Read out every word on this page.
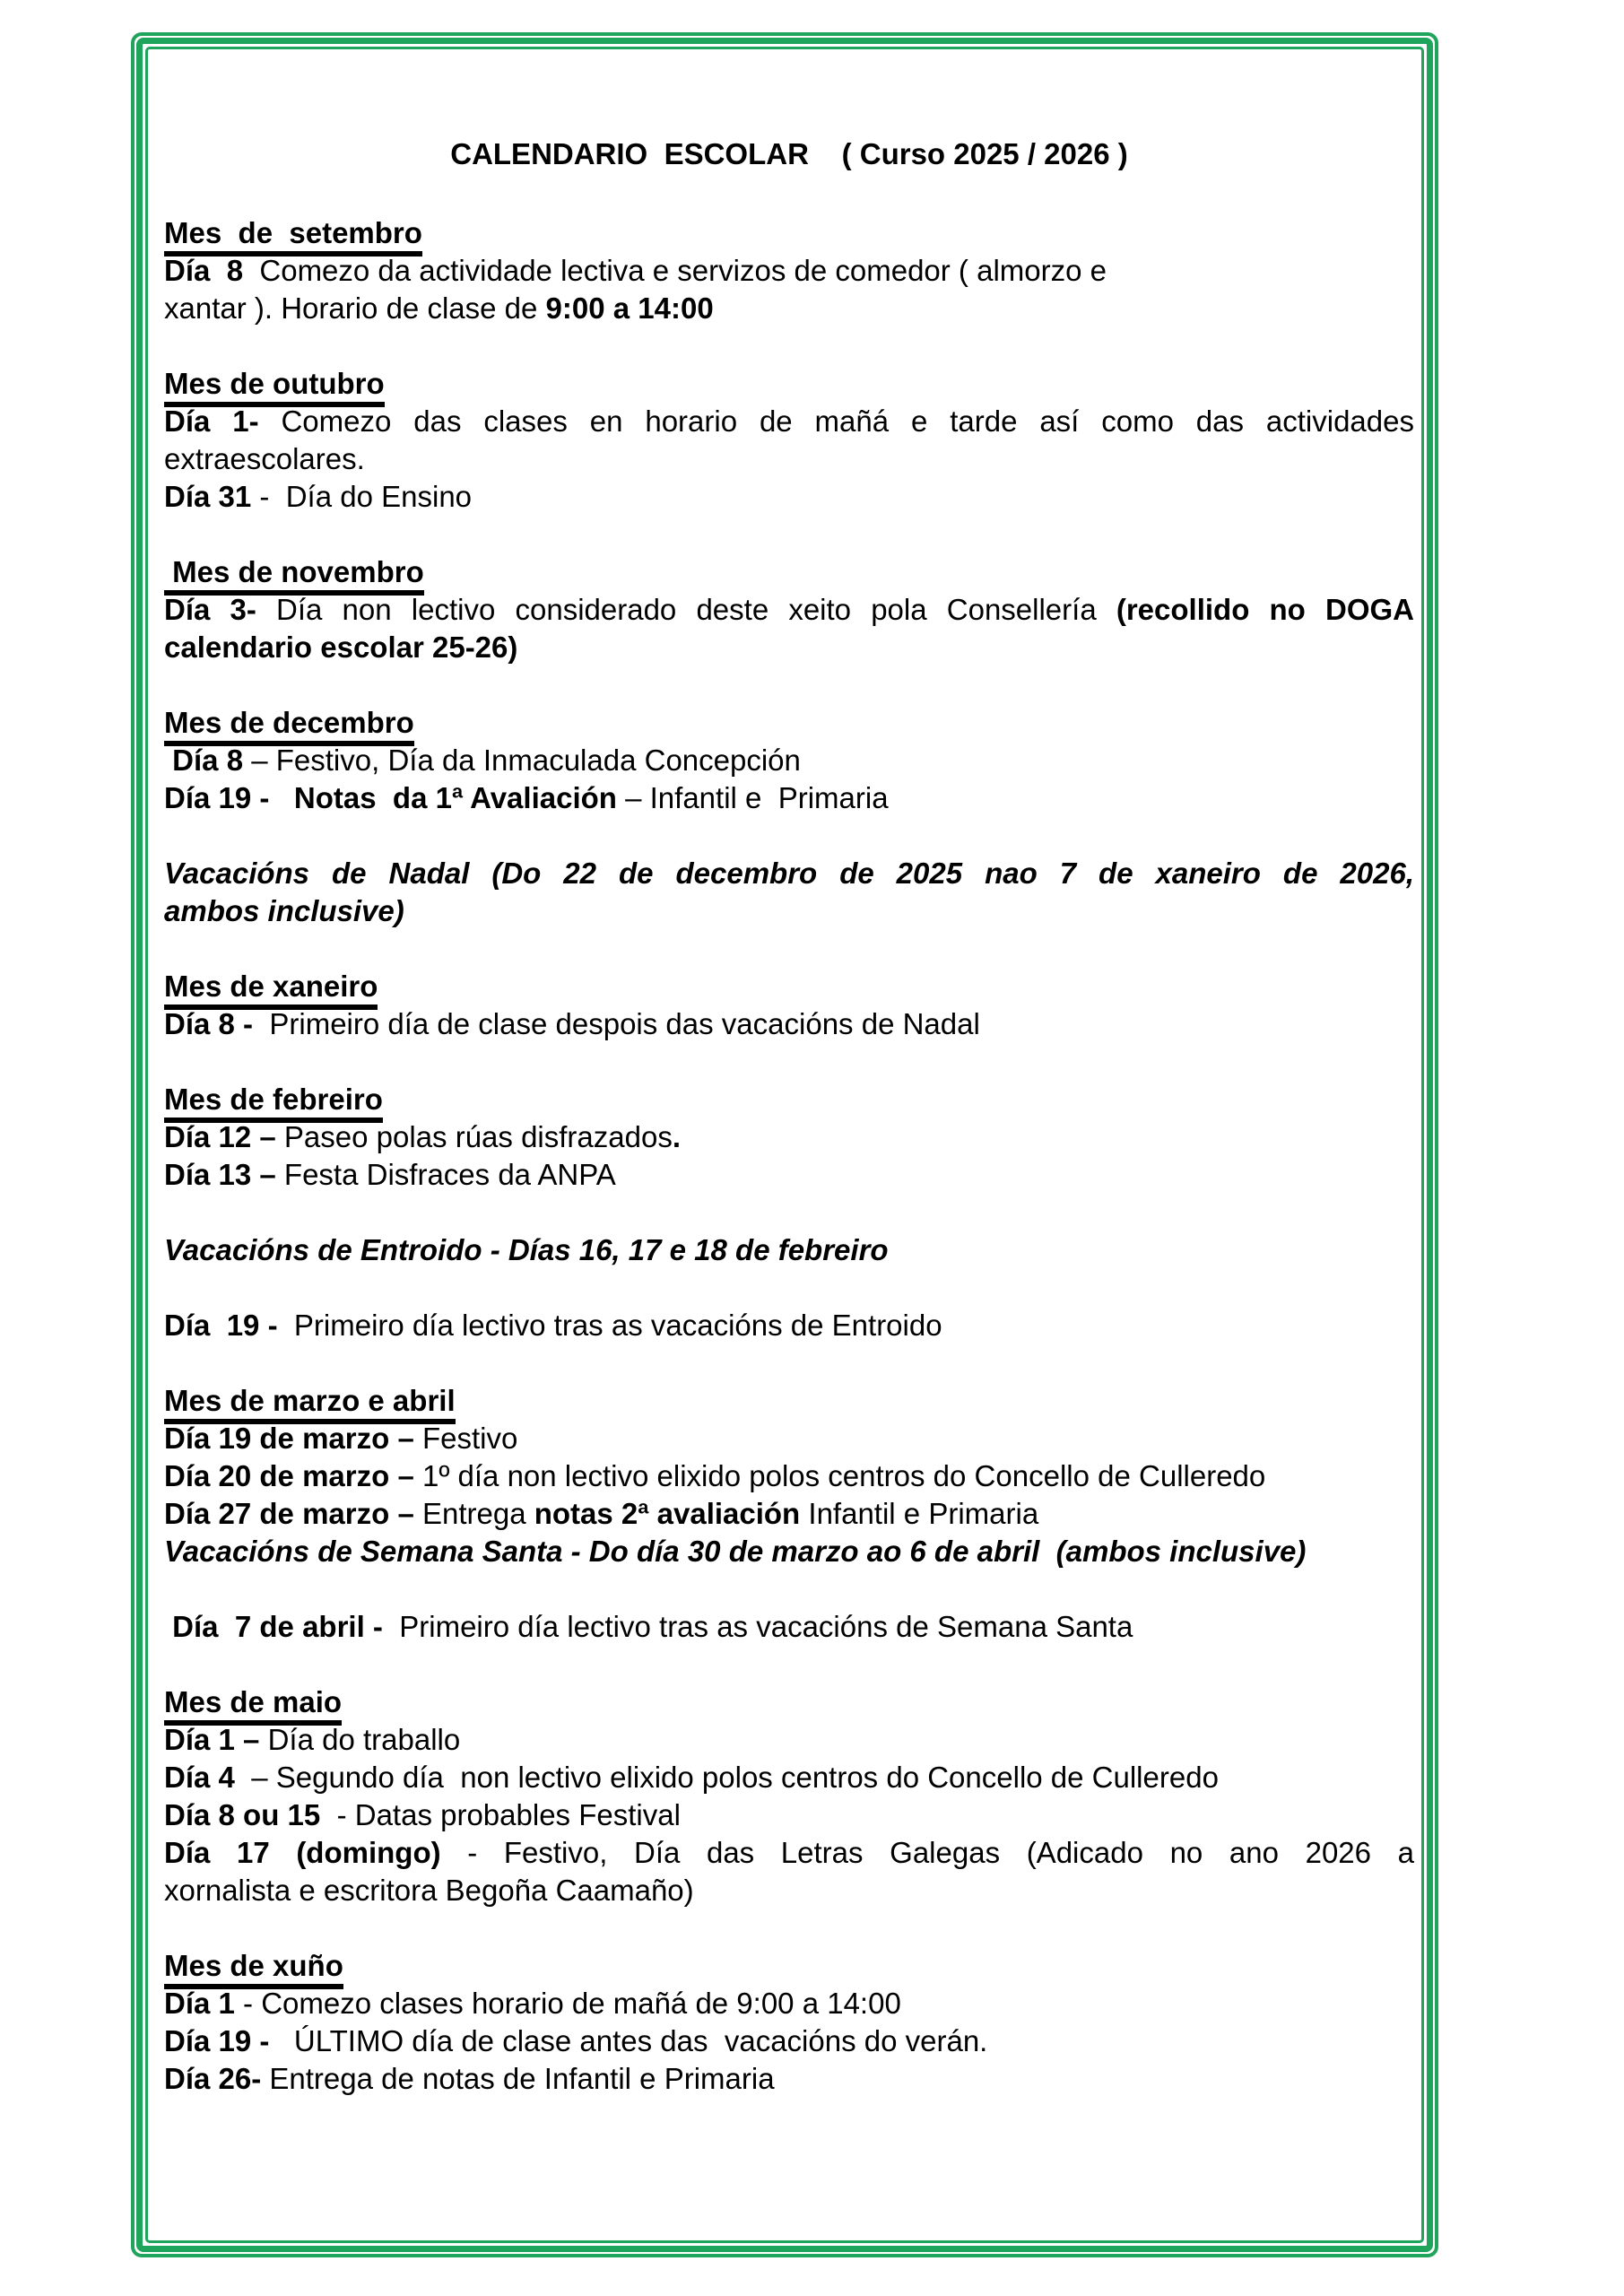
CALENDARIO  ESCOLAR    ( Curso 2025 / 2026 )
Mes  de  setembro

Día  8  Comezo da actividade lectiva e servizos de comedor ( almorzo e

xantar ). Horario de clase de 9:00 a 14:00

Mes de outubro

Día 1- Comezo das clases en horario de mañá e tarde así como das actividades

extraescolares.

Día 31 -  Día do Ensino

Mes de novembro

Día 3- Día non lectivo considerado deste xeito pola Consellería (recollido no DOGA

calendario escolar 25-26)

Mes de decembro

Día 8 – Festivo, Día da Inmaculada Concepción

Día 19 -   Notas  da 1ª Avaliación – Infantil e  Primaria

Vacacións de Nadal (Do 22 de decembro de 2025 nao 7 de xaneiro de 2026,

ambos inclusive)

Mes de xaneiro

Día 8 -  Primeiro día de clase despois das vacacións de Nadal

Mes de febreiro

Día 12 – Paseo polas rúas disfrazados.

Día 13 – Festa Disfraces da ANPA

Vacacións de Entroido - Días 16, 17 e 18 de febreiro

Día  19 -  Primeiro día lectivo tras as vacacións de Entroido

Mes de marzo e abril

Día 19 de marzo – Festivo

Día 20 de marzo – 1º día non lectivo elixido polos centros do Concello de Culleredo

Día 27 de marzo – Entrega notas 2ª avaliación Infantil e Primaria

Vacacións de Semana Santa - Do día 30 de marzo ao 6 de abril  (ambos inclusive)

Día  7 de abril -  Primeiro día lectivo tras as vacacións de Semana Santa

Mes de maio

Día 1 – Día do traballo

Día 4  – Segundo día  non lectivo elixido polos centros do Concello de Culleredo

Día 8 ou 15  - Datas probables Festival

Día 17 (domingo) - Festivo, Día das Letras Galegas (Adicado no ano 2026 a

xornalista e escritora Begoña Caamaño)

Mes de xuño

Día 1 - Comezo clases horario de mañá de 9:00 a 14:00

Día 19 -   ÚLTIMO día de clase antes das  vacacións do verán.

Día 26- Entrega de notas de Infantil e Primaria
